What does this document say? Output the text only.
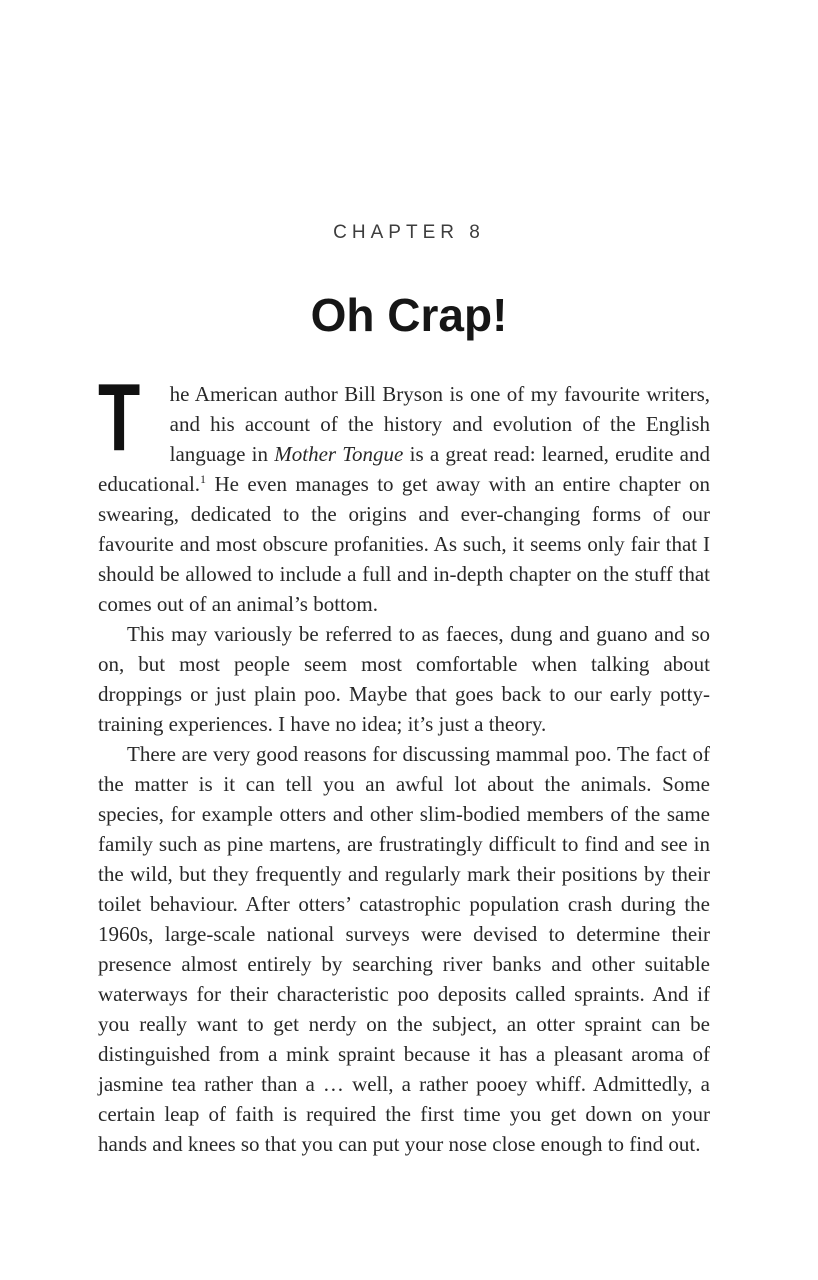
CHAPTER 8
Oh Crap!

T he American author Bill Bryson is one of my favourite writers, and his account of the history and evolution of the English language in Mother Tongue is a great read: learned, erudite and educational.$^1$ He even manages to get away with an entire chapter on swearing, dedicated to the origins and ever-changing forms of our favourite and most obscure profanities. As such, it seems only fair that I should be allowed to include a full and in-depth chapter on the stuff that comes out of an animal’s bottom.

This may variously be referred to as faeces, dung and guano and so on, but most people seem most comfortable when talking about droppings or just plain poo. Maybe that goes back to our early potty-training experiences. I have no idea; it’s just a theory.

There are very good reasons for discussing mammal poo. The fact of the matter is it can tell you an awful lot about the animals. Some species, for example otters and other slim-bodied members of the same family such as pine martens, are frustratingly difficult to find and see in the wild, but they frequently and regularly mark their positions by their toilet behaviour. After otters’ catastrophic population crash during the 1960s, large-scale national surveys were devised to determine their presence almost entirely by searching river banks and other suitable waterways for their characteristic poo deposits called spraints. And if you really want to get nerdy on the subject, an otter spraint can be distinguished from a mink spraint because it has a pleasant aroma of jasmine tea rather than a … well, a rather pooey whiff. Admittedly, a certain leap of faith is required the first time you get down on your hands and knees so that you can put your nose close enough to find out.
